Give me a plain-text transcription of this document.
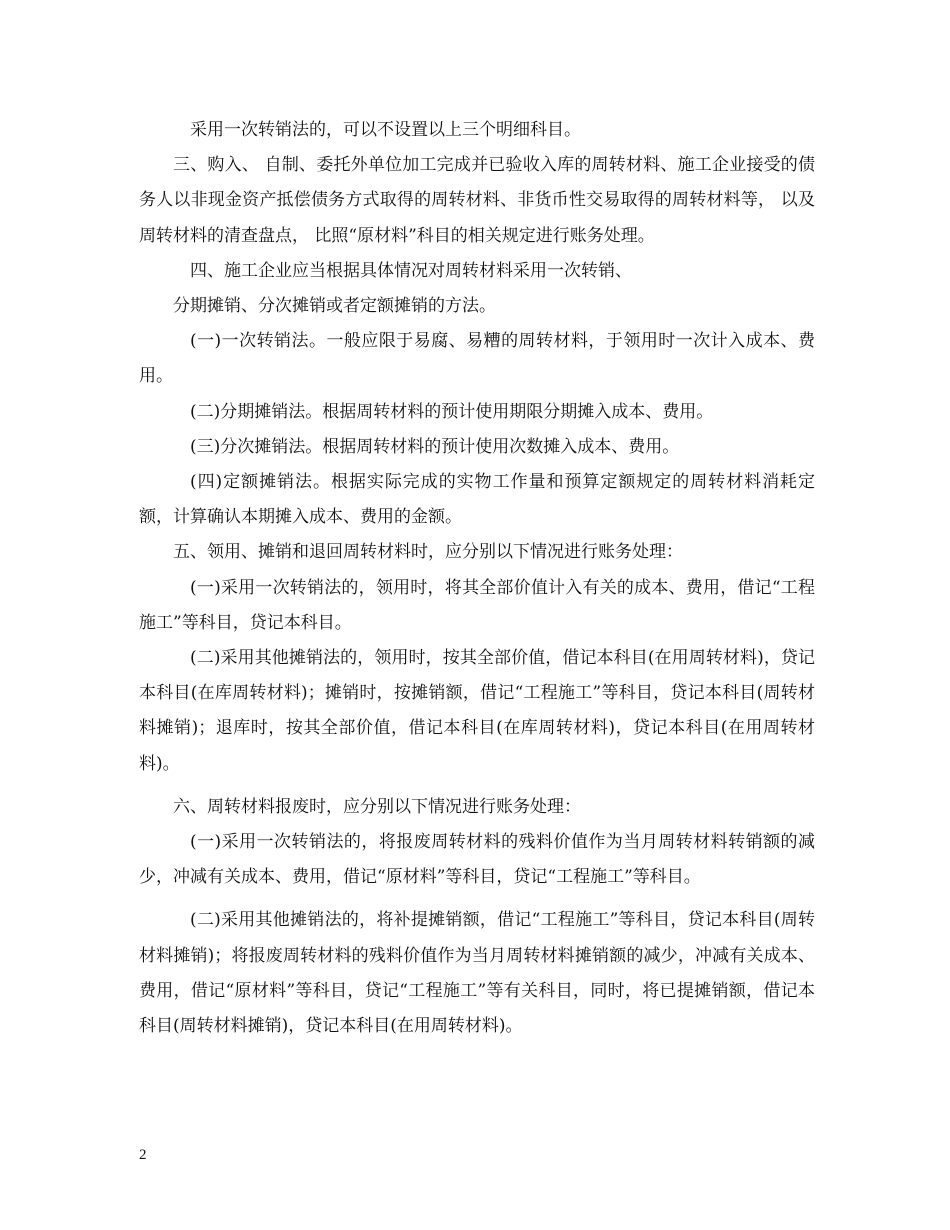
采用一次转销法的，可以不设置以上三个明细科目。

三、购入、 自制、委托外单位加工完成并已验收入库的周转材料、施工企业接受的债务人以非现金资产抵偿债务方式取得的周转材料、非货币性交易取得的周转材料等， 以及周转材料的清查盘点， 比照“原材料”科目的相关规定进行账务处理。

四、施工企业应当根据具体情况对周转材料采用一次转销、

分期摊销、分次摊销或者定额摊销的方法。

(一)一次转销法。一般应限于易腐、易糟的周转材料，于领用时一次计入成本、费用。

(二)分期摊销法。根据周转材料的预计使用期限分期摊入成本、费用。

(三)分次摊销法。根据周转材料的预计使用次数摊入成本、费用。

(四)定额摊销法。根据实际完成的实物工作量和预算定额规定的周转材料消耗定额，计算确认本期摊入成本、费用的金额。

五、领用、摊销和退回周转材料时，应分别以下情况进行账务处理：

(一)采用一次转销法的，领用时，将其全部价值计入有关的成本、费用，借记“工程施工”等科目，贷记本科目。

(二)采用其他摊销法的，领用时，按其全部价值，借记本科目(在用周转材料)，贷记本科目(在库周转材料)；摊销时，按摊销额，借记“工程施工”等科目，贷记本科目(周转材料摊销)；退库时，按其全部价值，借记本科目(在库周转材料)，贷记本科目(在用周转材料)。

六、周转材料报废时，应分别以下情况进行账务处理：

(一)采用一次转销法的，将报废周转材料的残料价值作为当月周转材料转销额的减少，冲减有关成本、费用，借记“原材料”等科目，贷记“工程施工”等科目。

(二)采用其他摊销法的，将补提摊销额，借记“工程施工”等科目，贷记本科目(周转材料摊销)；将报废周转材料的残料价值作为当月周转材料摊销额的减少，冲减有关成本、费用，借记“原材料”等科目，贷记“工程施工”等有关科目，同时，将已提摊销额，借记本科目(周转材料摊销)，贷记本科目(在用周转材料)。

2
